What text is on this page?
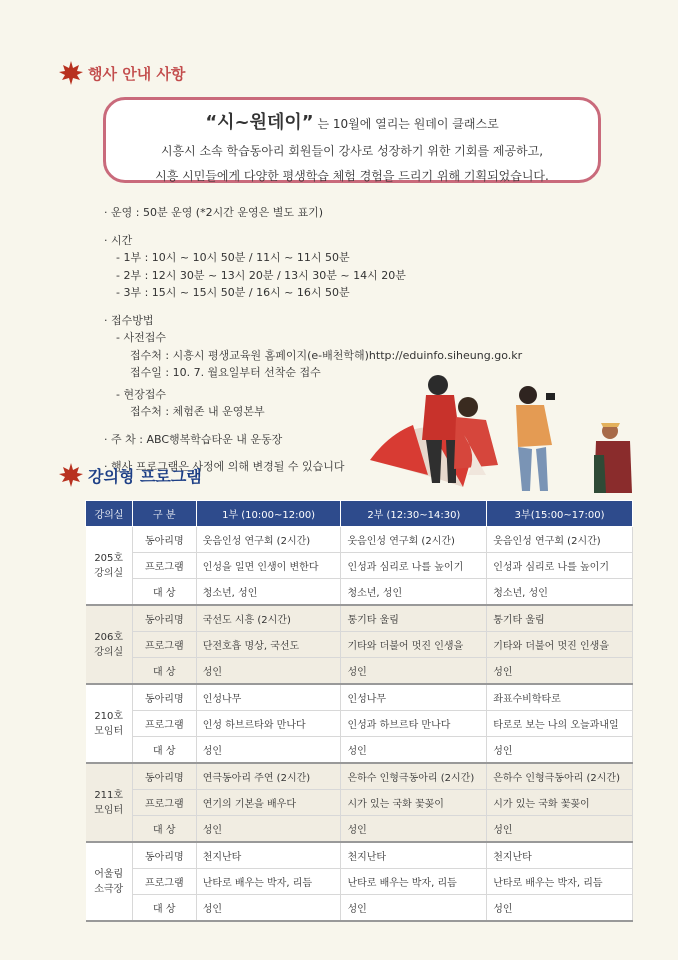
행사 안내 사항
“시~원데이” 는 10월에 열리는 원데이 클래스로
시흥시 소속 학습동아리 회원들이 강사로 성장하기 위한 기회를 제공하고,
시흥 시민들에게 다양한 평생학습 체험 경험을 드리기 위해 기획되었습니다.
· 운영 : 50분 운영 (*2시간 운영은 별도 표기)
· 시간
- 1부 : 10시 ~ 10시 50분 / 11시 ~ 11시 50분
- 2부 : 12시 30분 ~ 13시 20분 / 13시 30분 ~ 14시 20분
- 3부 : 15시 ~ 15시 50분 / 16시 ~ 16시 50분
· 접수방법
- 사전접수
접수처 : 시흥시 평생교육원 홈페이지(e-배천학해)http://eduinfo.siheung.go.kr
접수일 : 10. 7. 월요일부터 선착순 접수
- 현장접수
접수처 : 체험존 내 운영본부
· 주 차 : ABC행복학습타운 내 운동장
· 행사 프로그램은 사정에 의해 변경될 수 있습니다
강의형 프로그램
강의실	구 분	1부 (10:00~12:00)	2부 (12:30~14:30)	3부(15:00~17:00)

205호
강의실	동아리명	웃음인성 연구회 (2시간)	웃음인성 연구회 (2시간)	웃음인성 연구회 (2시간)
	프로그램	인성을 일면 인생이 변한다	인성과 심리로 나를 높이기	인성과 심리로 나를 높이기
	대 상	청소년, 성인	청소년, 성인	청소년, 성인

206호
강의실	동아리명	국선도 시흥 (2시간)	통기타 울림	통기타 울림
	프로그램	단전호흡 명상, 국선도	기타와 더불어 멋진 인생을	기타와 더불어 멋진 인생을
	대 상	성인	성인	성인

210호
모임터	동아리명	인성나무	인성나무	좌표수비학타로
	프로그램	인성 하브르타와 만나다	인성과 하브르타 만나다	타로로 보는 나의 오늘과내일
	대 상	성인	성인	성인

211호
모임터	동아리명	연극동아리 주연 (2시간)	은하수 인형극동아리 (2시간)	은하수 인형극동아리 (2시간)
	프로그램	연기의 기본을 배우다	시가 있는 국화 꽃꽂이	시가 있는 국화 꽃꽂이
	대 상	성인	성인	성인

어울림
소극장	동아리명	천지난타	천지난타	천지난타
	프로그램	난타로 배우는 박자, 리듬	난타로 배우는 박자, 리듬	난타로 배우는 박자, 리듬
	대 상	성인	성인	성인
